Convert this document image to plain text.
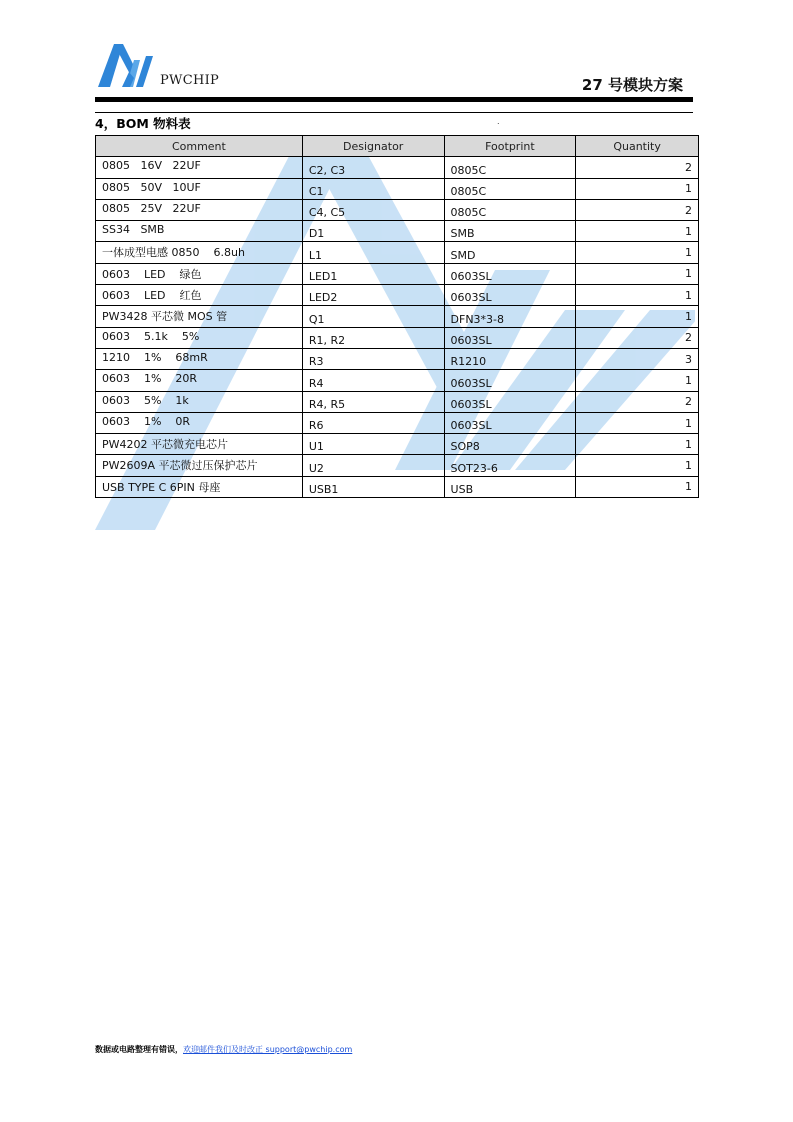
PWCHIP	27 号模块方案
4，BOM 物料表	.
Comment	Designator	Footprint	Quantity
0805   16V   22UF	C2, C3	0805C	2
0805   50V   10UF	C1	0805C	1
0805   25V   22UF	C4, C5	0805C	2
SS34   SMB	D1	SMB	1
一体成型电感 0850    6.8uh	L1	SMD	1
0603    LED    绿色	LED1	0603SL	1
0603    LED    红色	LED2	0603SL	1
PW3428 平芯微 MOS 管	Q1	DFN3*3-8	1
0603    5.1k    5%	R1, R2	0603SL	2
1210    1%    68mR	R3	R1210	3
0603    1%    20R	R4	0603SL	1
0603    5%    1k	R4, R5	0603SL	2
0603    1%    0R	R6	0603SL	1
PW4202 平芯微充电芯片	U1	SOP8	1
PW2609A 平芯微过压保护芯片	U2	SOT23-6	1
USB TYPE C 6PIN 母座	USB1	USB	1
数据或电路整理有错误，欢迎邮件我们及时改正 support@pwchip.com
